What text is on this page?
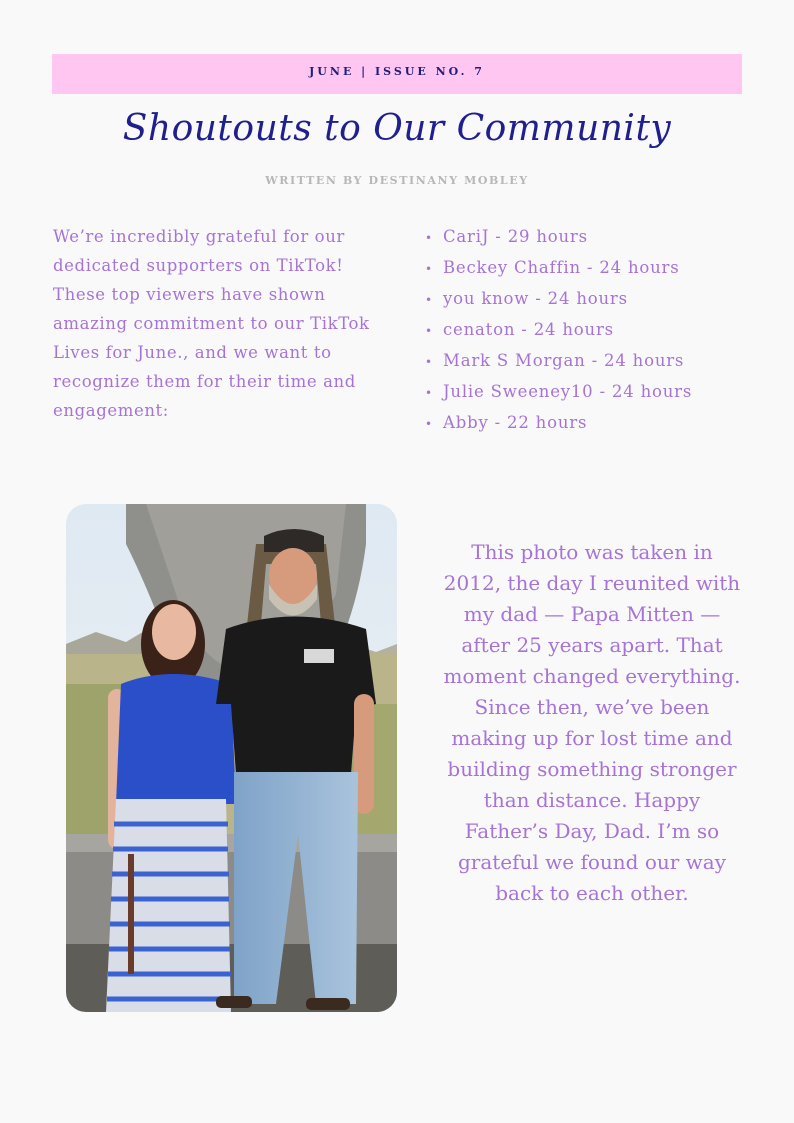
JUNE | ISSUE NO. 7
Shoutouts to Our Community
WRITTEN BY DESTINANY MOBLEY

We’re incredibly grateful for our dedicated supporters on TikTok! These top viewers have shown amazing commitment to our TikTok Lives for June., and we want to recognize them for their time and engagement:

• CariJ - 29 hours
• Beckey Chaffin - 24 hours
• you know - 24 hours
• cenaton - 24 hours
• Mark S Morgan - 24 hours
• Julie Sweeney10 - 24 hours
• Abby - 22 hours

This photo was taken in 2012, the day I reunited with my dad — Papa Mitten — after 25 years apart. That moment changed everything. Since then, we’ve been making up for lost time and building something stronger than distance. Happy Father’s Day, Dad. I’m so grateful we found our way back to each other.
